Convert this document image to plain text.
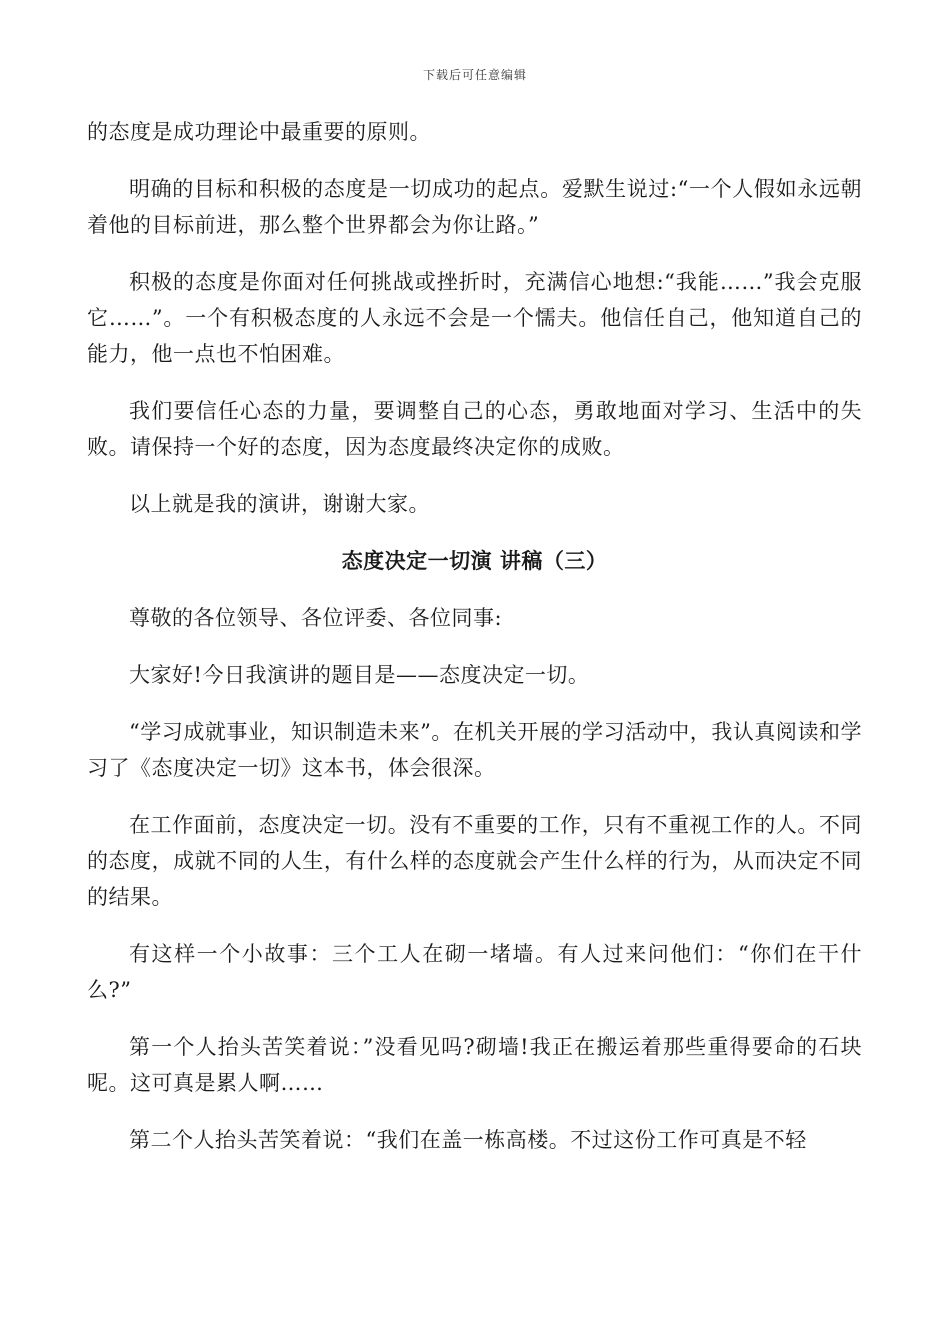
下载后可任意编辑

的态度是成功理论中最重要的原则。

明确的目标和积极的态度是一切成功的起点。爱默生说过:“一个人假如永远朝着他的目标前进，那么整个世界都会为你让路。”

积极的态度是你面对任何挑战或挫折时，充满信心地想:“我能……”我会克服它……”。一个有积极态度的人永远不会是一个懦夫。他信任自己，他知道自己的能力，他一点也不怕困难。

我们要信任心态的力量，要调整自己的心态，勇敢地面对学习、生活中的失败。请保持一个好的态度，因为态度最终决定你的成败。

以上就是我的演讲，谢谢大家。

态度决定一切演 讲稿（三）

尊敬的各位领导、各位评委、各位同事:

大家好!今日我演讲的题目是——态度决定一切。

“学习成就事业，知识制造未来”。在机关开展的学习活动中，我认真阅读和学习了《态度决定一切》这本书，体会很深。

在工作面前，态度决定一切。没有不重要的工作，只有不重视工作的人。不同的态度，成就不同的人生，有什么样的态度就会产生什么样的行为，从而决定不同的结果。

有这样一个小故事：三个工人在砌一堵墙。有人过来问他们：“你们在干什么?”

第一个人抬头苦笑着说：”没看见吗?砌墙!我正在搬运着那些重得要命的石块呢。这可真是累人啊……

第二个人抬头苦笑着说：“我们在盖一栋高楼。不过这份工作可真是不轻
